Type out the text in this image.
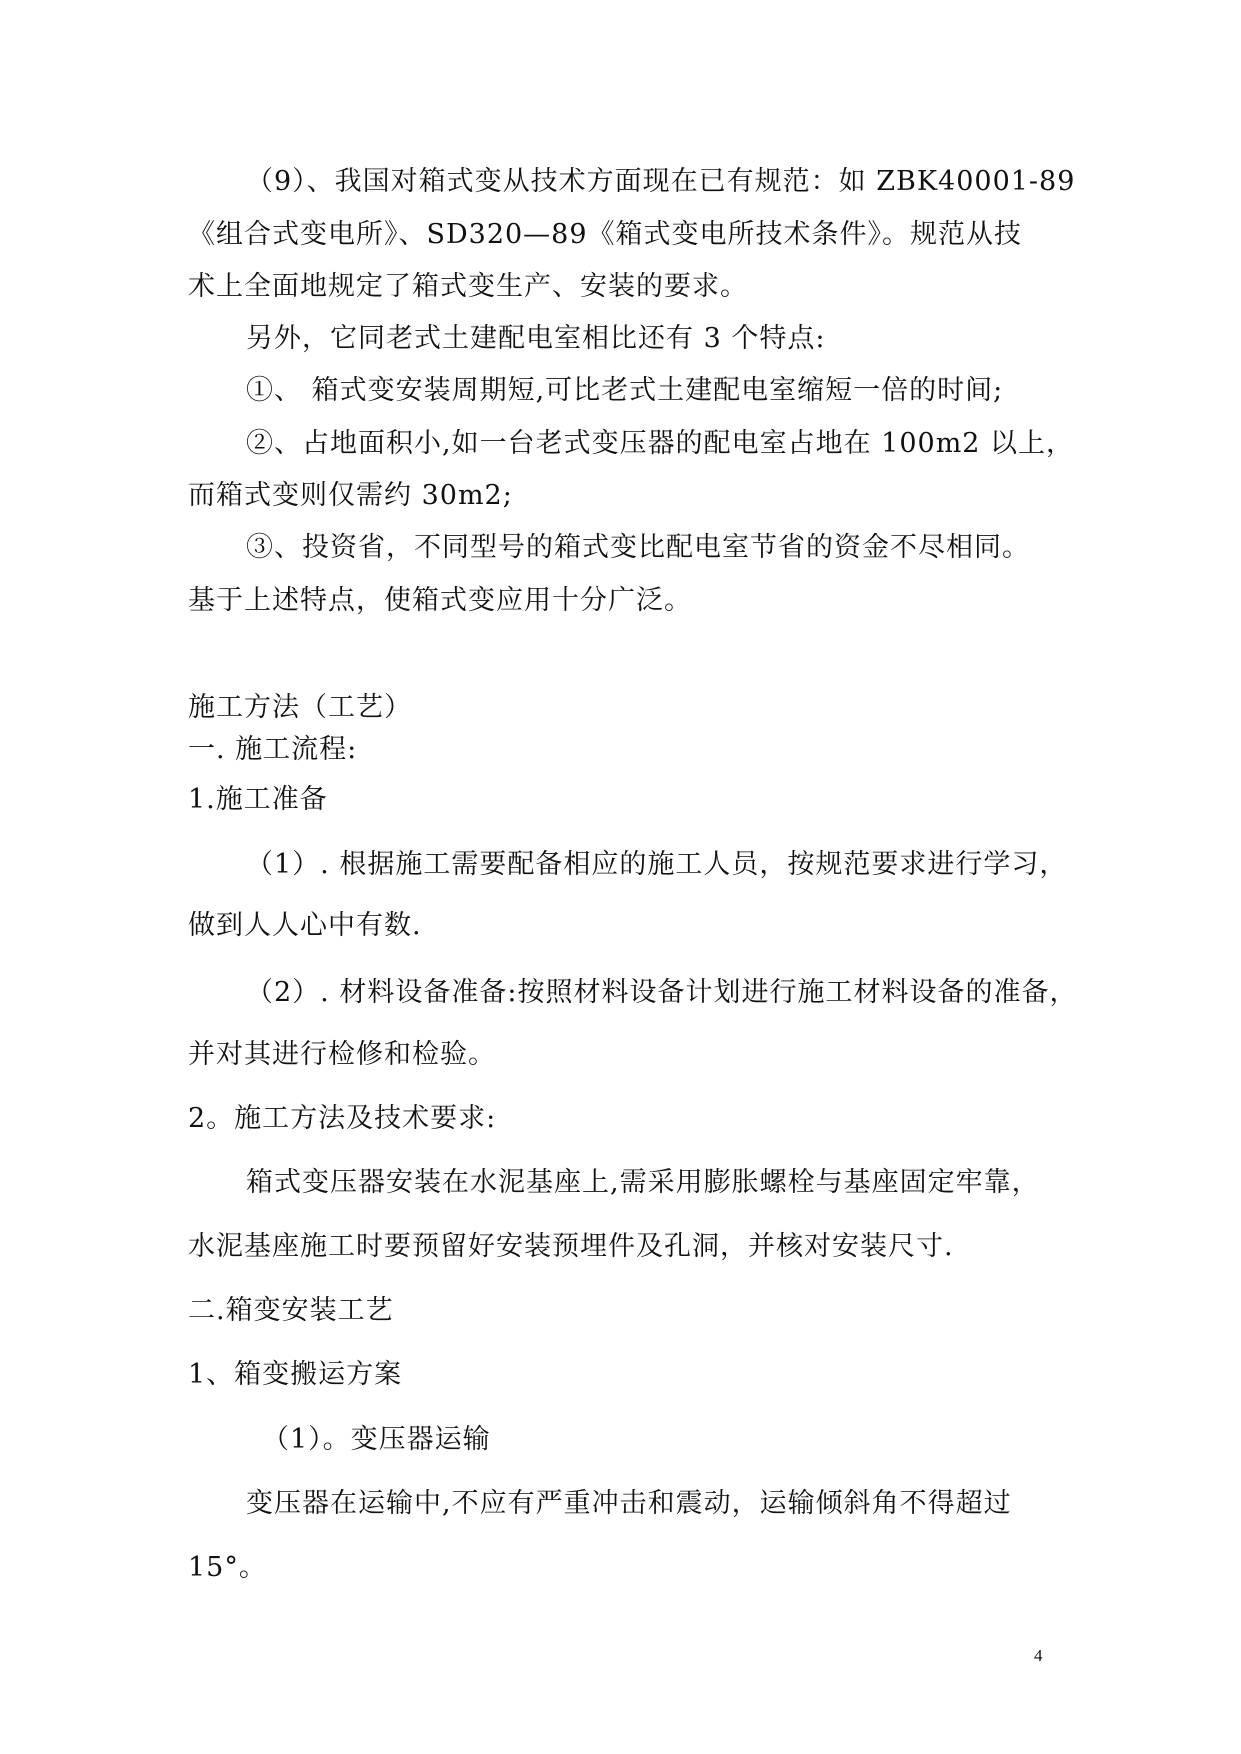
（9）、我国对箱式变从技术方面现在已有规范：如 ZBK40001-89
《组合式变电所》、SD320—89《箱式变电所技术条件》。规范从技
术上全面地规定了箱式变生产、安装的要求。
另外，它同老式土建配电室相比还有 3 个特点:
①、 箱式变安装周期短,可比老式土建配电室缩短一倍的时间;
②、占地面积小,如一台老式变压器的配电室占地在 100m2 以上，
而箱式变则仅需约 30m2;
③、投资省，不同型号的箱式变比配电室节省的资金不尽相同。
基于上述特点，使箱式变应用十分广泛。
施工方法（工艺）
一. 施工流程:
1.施工准备
（1）. 根据施工需要配备相应的施工人员，按规范要求进行学习，
做到人人心中有数.
（2）. 材料设备准备:按照材料设备计划进行施工材料设备的准备，
并对其进行检修和检验。
2。施工方法及技术要求:
箱式变压器安装在水泥基座上,需采用膨胀螺栓与基座固定牢靠，
水泥基座施工时要预留好安装预埋件及孔洞，并核对安装尺寸.
二.箱变安装工艺
1、箱变搬运方案
（1）。变压器运输
变压器在运输中,不应有严重冲击和震动，运输倾斜角不得超过
15°。
4
